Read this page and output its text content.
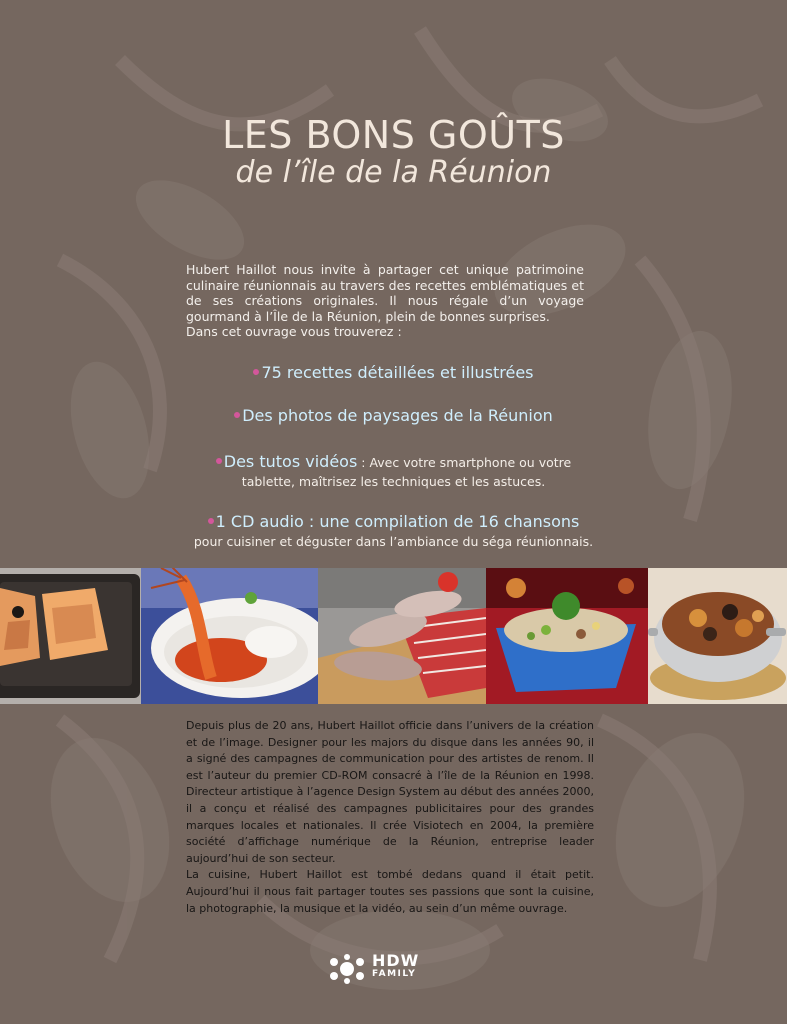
LES BONS GOÛTS
de l’île de la Réunion

Hubert Haillot nous invite à partager cet unique patrimoine culinaire réunionnais au travers des recettes emblématiques et de ses créations originales. Il nous régale d’un voyage gourmand à l’Île de la Réunion, plein de bonnes surprises.

Dans cet ouvrage vous trouverez :

75 recettes détaillées et illustrées
Des photos de paysages de la Réunion
Des tutos vidéos : Avec votre smartphone ou votre
tablette, maîtrisez les techniques et les astuces.
1 CD audio : une compilation de 16 chansons
pour cuisiner et déguster dans l’ambiance du séga réunionnais.

Depuis plus de 20 ans, Hubert Haillot officie dans l’univers de la création et de l’image. Designer pour les majors du disque dans les années 90, il a signé des campagnes de communication pour des artistes de renom. Il est l’auteur du premier CD-ROM consacré à l’île de la Réunion en 1998. Directeur artistique à l’agence Design System au début des années 2000, il a conçu et réalisé des campagnes publicitaires pour des grandes marques locales et nationales. Il crée Visiotech en 2004, la première société d’affichage numérique de la Réunion, entreprise leader aujourd’hui de son secteur.

La cuisine, Hubert Haillot est tombé dedans quand il était petit. Aujourd’hui il nous fait partager toutes ses passions que sont la cuisine, la photographie, la musique et la vidéo, au sein d’un même ouvrage.

HDW
FAMILY
